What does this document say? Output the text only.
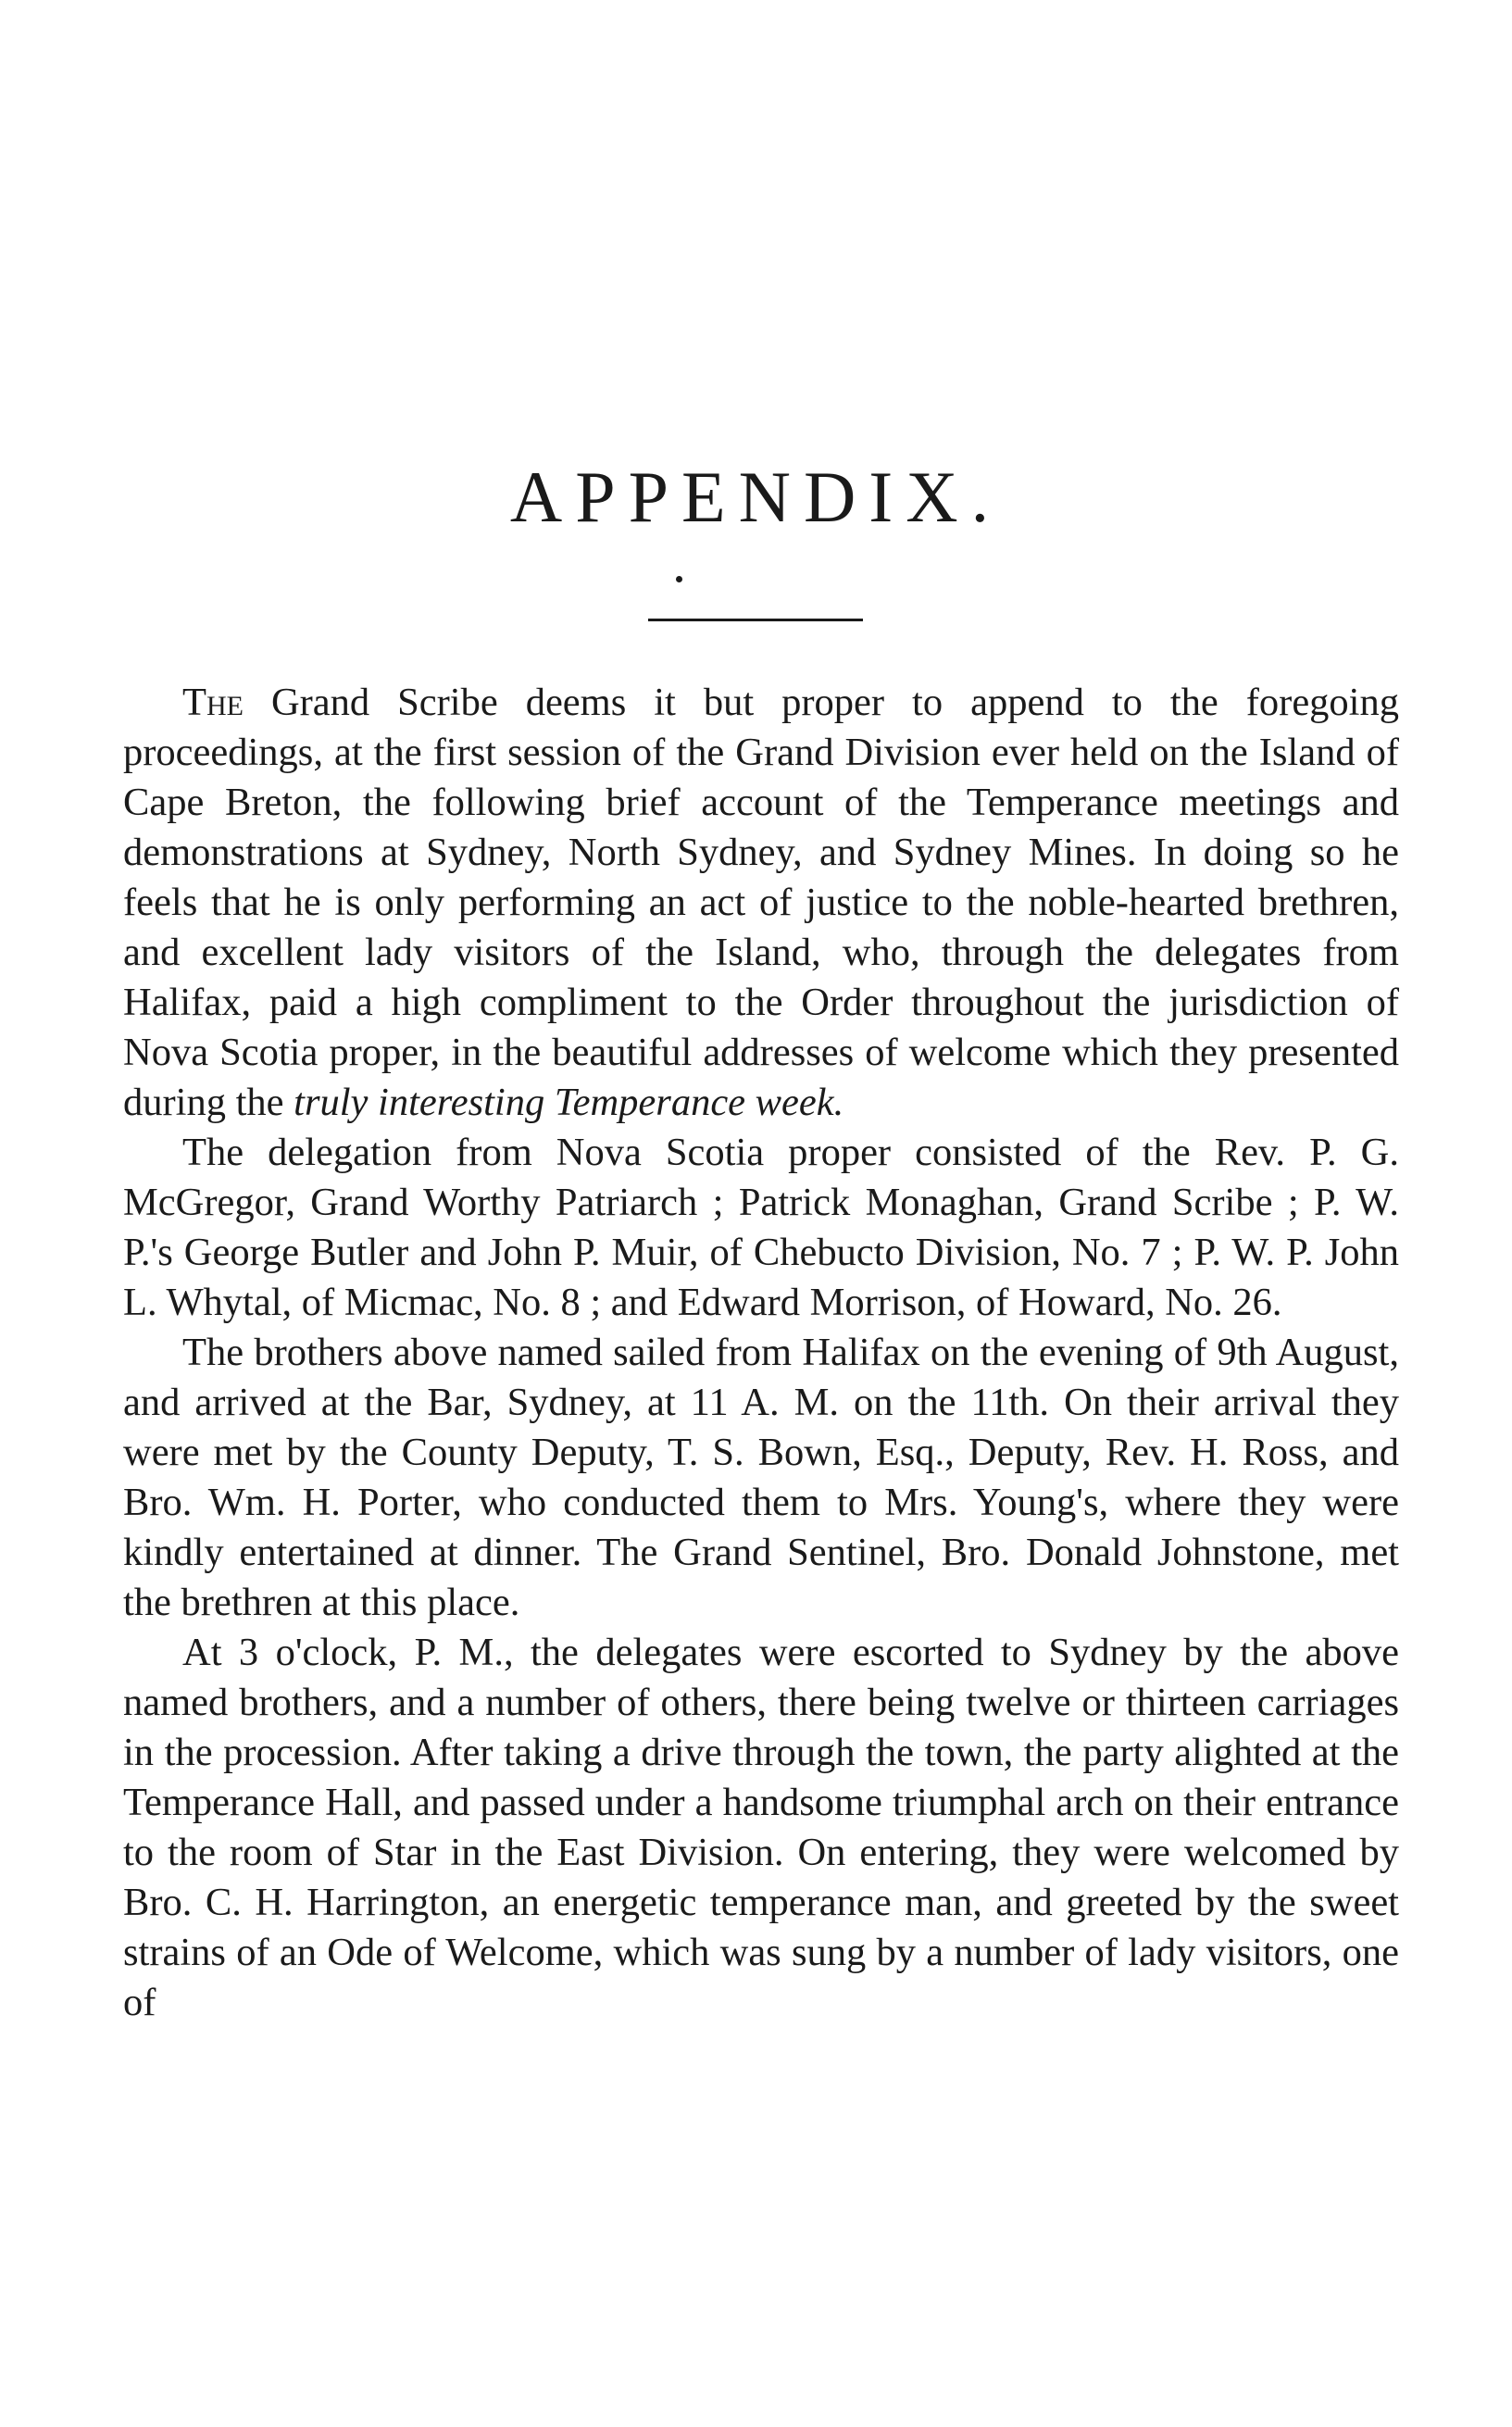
APPENDIX.

The Grand Scribe deems it but proper to append to the foregoing proceedings, at the first session of the Grand Division ever held on the Island of Cape Breton, the following brief account of the Temperance meetings and demonstrations at Sydney, North Sydney, and Sydney Mines. In doing so he feels that he is only performing an act of justice to the noble-hearted brethren, and excellent lady visitors of the Island, who, through the delegates from Halifax, paid a high compliment to the Order throughout the jurisdiction of Nova Scotia proper, in the beautiful addresses of welcome which they presented during the truly interesting Temperance week.

The delegation from Nova Scotia proper consisted of the Rev. P. G. McGregor, Grand Worthy Patriarch ; Patrick Monaghan, Grand Scribe ; P. W. P.'s George Butler and John P. Muir, of Chebucto Division, No. 7 ; P. W. P. John L. Whytal, of Micmac, No. 8 ; and Edward Morrison, of Howard, No. 26.

The brothers above named sailed from Halifax on the evening of 9th August, and arrived at the Bar, Sydney, at 11 A. M. on the 11th. On their arrival they were met by the County Deputy, T. S. Bown, Esq., Deputy, Rev. H. Ross, and Bro. Wm. H. Porter, who conducted them to Mrs. Young's, where they were kindly entertained at dinner. The Grand Sentinel, Bro. Donald Johnstone, met the brethren at this place.

At 3 o'clock, P. M., the delegates were escorted to Sydney by the above named brothers, and a number of others, there being twelve or thirteen carriages in the procession. After taking a drive through the town, the party alighted at the Temperance Hall, and passed under a handsome triumphal arch on their entrance to the room of Star in the East Division. On entering, they were welcomed by Bro. C. H. Harrington, an energetic temperance man, and greeted by the sweet strains of an Ode of Welcome, which was sung by a number of lady visitors, one of
